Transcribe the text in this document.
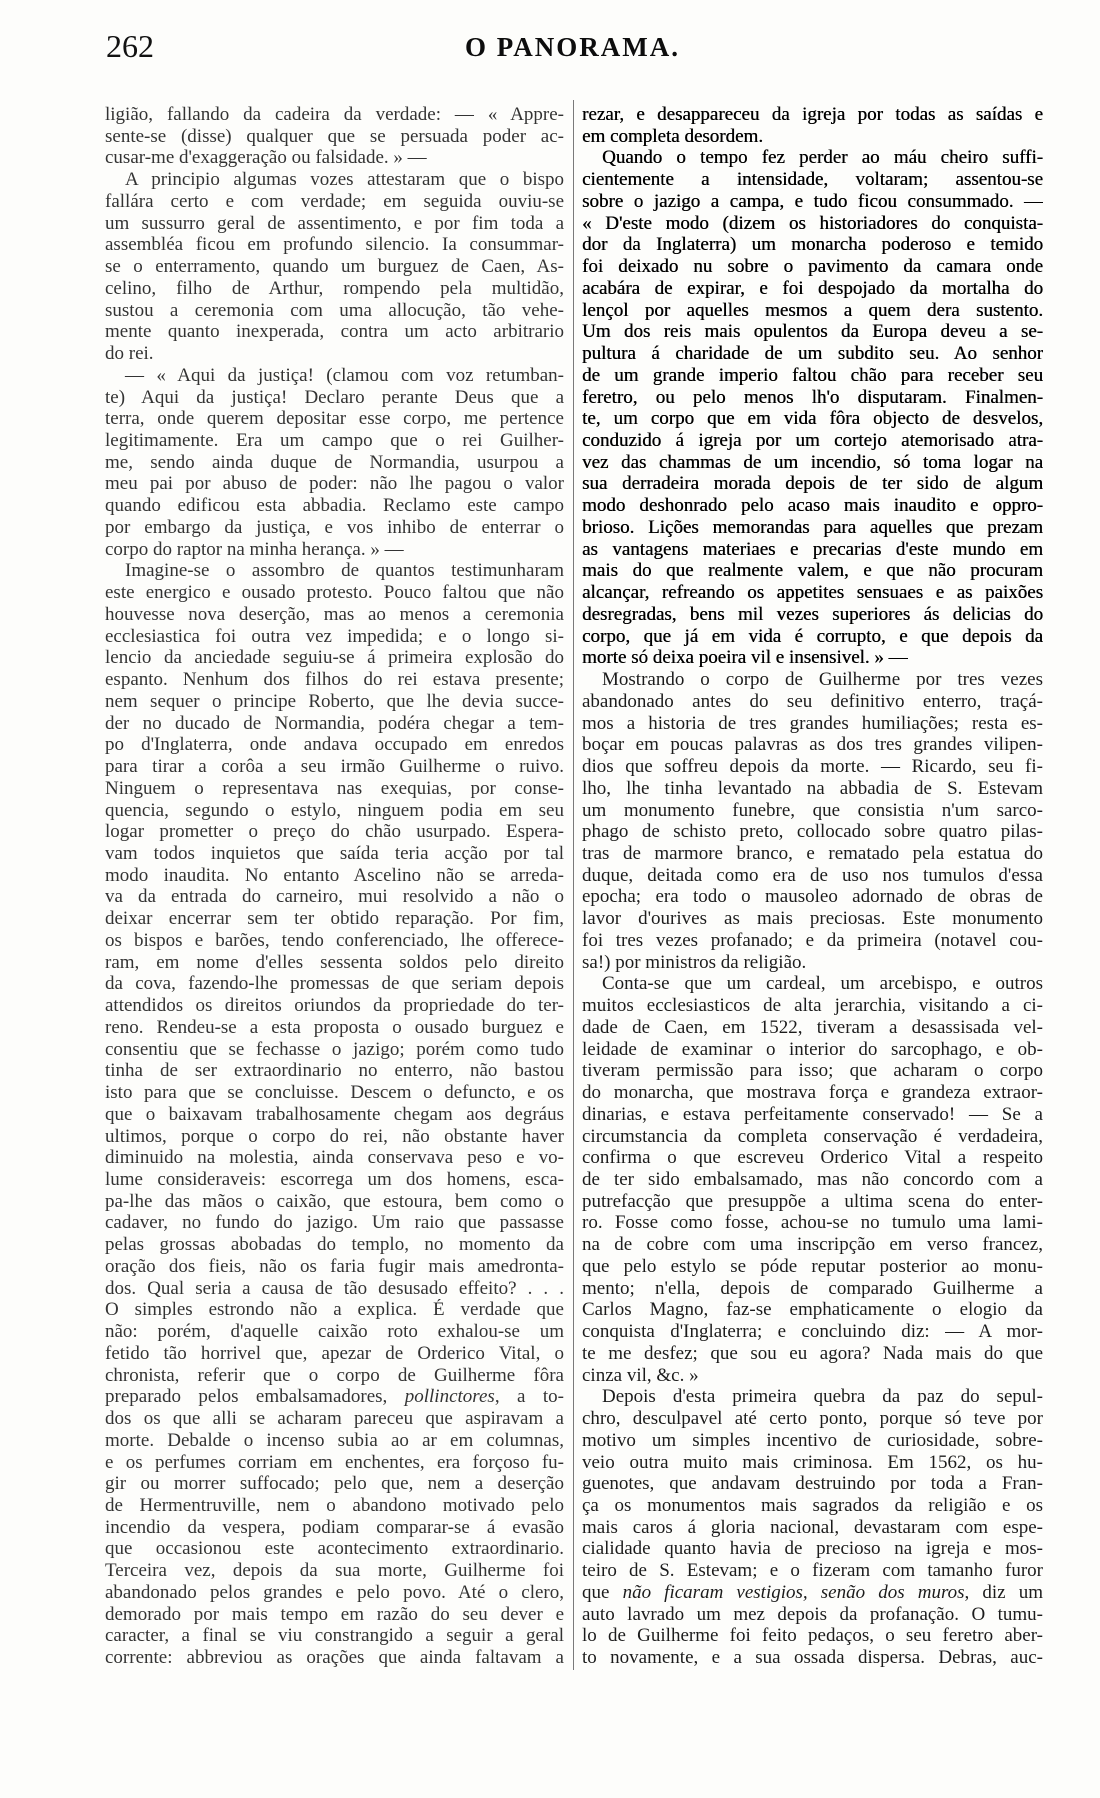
262	O PANORAMA.
ligião, fallando da cadeira da verdade: — « Appre-
sente-se (disse) qualquer que se persuada poder ac-
cusar-me d'exaggeração ou falsidade. » —
A principio algumas vozes attestaram que o bispo
fallára certo e com verdade; em seguida ouviu-se
um sussurro geral de assentimento, e por fim toda a
assembléa ficou em profundo silencio. Ia consummar-
se o enterramento, quando um burguez de Caen, As-
celino, filho de Arthur, rompendo pela multidão,
sustou a ceremonia com uma allocução, tão vehe-
mente quanto inexperada, contra um acto arbitrario
do rei.
— « Aqui da justiça! (clamou com voz retumban-
te) Aqui da justiça! Declaro perante Deus que a
terra, onde querem depositar esse corpo, me pertence
legitimamente. Era um campo que o rei Guilher-
me, sendo ainda duque de Normandia, usurpou a
meu pai por abuso de poder: não lhe pagou o valor
quando edificou esta abbadia. Reclamo este campo
por embargo da justiça, e vos inhibo de enterrar o
corpo do raptor na minha herança. » —
Imagine-se o assombro de quantos testimunharam
este energico e ousado protesto. Pouco faltou que não
houvesse nova deserção, mas ao menos a ceremonia
ecclesiastica foi outra vez impedida; e o longo si-
lencio da anciedade seguiu-se á primeira explosão do
espanto. Nenhum dos filhos do rei estava presente;
nem sequer o principe Roberto, que lhe devia succe-
der no ducado de Normandia, podéra chegar a tem-
po d'Inglaterra, onde andava occupado em enredos
para tirar a corôa a seu irmão Guilherme o ruivo.
Ninguem o representava nas exequias, por conse-
quencia, segundo o estylo, ninguem podia em seu
logar prometter o preço do chão usurpado. Espera-
vam todos inquietos que saída teria acção por tal
modo inaudita. No entanto Ascelino não se arreda-
va da entrada do carneiro, mui resolvido a não o
deixar encerrar sem ter obtido reparação. Por fim,
os bispos e barões, tendo conferenciado, lhe offerece-
ram, em nome d'elles sessenta soldos pelo direito
da cova, fazendo-lhe promessas de que seriam depois
attendidos os direitos oriundos da propriedade do ter-
reno. Rendeu-se a esta proposta o ousado burguez e
consentiu que se fechasse o jazigo; porém como tudo
tinha de ser extraordinario no enterro, não bastou
isto para que se concluisse. Descem o defuncto, e os
que o baixavam trabalhosamente chegam aos degráus
ultimos, porque o corpo do rei, não obstante haver
diminuido na molestia, ainda conservava peso e vo-
lume consideraveis: escorrega um dos homens, esca-
pa-lhe das mãos o caixão, que estoura, bem como o
cadaver, no fundo do jazigo. Um raio que passasse
pelas grossas abobadas do templo, no momento da
oração dos fieis, não os faria fugir mais amedronta-
dos. Qual seria a causa de tão desusado effeito? . . .
O simples estrondo não a explica. É verdade que
não: porém, d'aquelle caixão roto exhalou-se um
fetido tão horrivel que, apezar de Orderico Vital, o
chronista, referir que o corpo de Guilherme fôra
preparado pelos embalsamadores, pollinctores, a to-
dos os que alli se acharam pareceu que aspiravam a
morte. Debalde o incenso subia ao ar em columnas,
e os perfumes corriam em enchentes, era forçoso fu-
gir ou morrer suffocado; pelo que, nem a deserção
de Hermentruville, nem o abandono motivado pelo
incendio da vespera, podiam comparar-se á evasão
que occasionou este acontecimento extraordinario.
Terceira vez, depois da sua morte, Guilherme foi
abandonado pelos grandes e pelo povo. Até o clero,
demorado por mais tempo em razão do seu dever e
caracter, a final se viu constrangido a seguir a geral
corrente: abbreviou as orações que ainda faltavam a
rezar, e desappareceu da igreja por todas as saídas e
em completa desordem.
Quando o tempo fez perder ao máu cheiro suffi-
cientemente a intensidade, voltaram; assentou-se
sobre o jazigo a campa, e tudo ficou consummado. —
« D'este modo (dizem os historiadores do conquista-
dor da Inglaterra) um monarcha poderoso e temido
foi deixado nu sobre o pavimento da camara onde
acabára de expirar, e foi despojado da mortalha do
lençol por aquelles mesmos a quem dera sustento.
Um dos reis mais opulentos da Europa deveu a se-
pultura á charidade de um subdito seu. Ao senhor
de um grande imperio faltou chão para receber seu
feretro, ou pelo menos lh'o disputaram. Finalmen-
te, um corpo que em vida fôra objecto de desvelos,
conduzido á igreja por um cortejo atemorisado atra-
vez das chammas de um incendio, só toma logar na
sua derradeira morada depois de ter sido de algum
modo deshonrado pelo acaso mais inaudito e oppro-
brioso. Lições memorandas para aquelles que prezam
as vantagens materiaes e precarias d'este mundo em
mais do que realmente valem, e que não procuram
alcançar, refreando os appetites sensuaes e as paixões
desregradas, bens mil vezes superiores ás delicias do
corpo, que já em vida é corrupto, e que depois da
morte só deixa poeira vil e insensivel. » —
Mostrando o corpo de Guilherme por tres vezes
abandonado antes do seu definitivo enterro, traçá-
mos a historia de tres grandes humiliações; resta es-
boçar em poucas palavras as dos tres grandes vilipen-
dios que soffreu depois da morte. — Ricardo, seu fi-
lho, lhe tinha levantado na abbadia de S. Estevam
um monumento funebre, que consistia n'um sarco-
phago de schisto preto, collocado sobre quatro pilas-
tras de marmore branco, e rematado pela estatua do
duque, deitada como era de uso nos tumulos d'essa
epocha; era todo o mausoleo adornado de obras de
lavor d'ourives as mais preciosas. Este monumento
foi tres vezes profanado; e da primeira (notavel cou-
sa!) por ministros da religião.
Conta-se que um cardeal, um arcebispo, e outros
muitos ecclesiasticos de alta jerarchia, visitando a ci-
dade de Caen, em 1522, tiveram a desassisada vel-
leidade de examinar o interior do sarcophago, e ob-
tiveram permissão para isso; que acharam o corpo
do monarcha, que mostrava força e grandeza extraor-
dinarias, e estava perfeitamente conservado! — Se a
circumstancia da completa conservação é verdadeira,
confirma o que escreveu Orderico Vital a respeito
de ter sido embalsamado, mas não concordo com a
putrefacção que presuppõe a ultima scena do enter-
ro. Fosse como fosse, achou-se no tumulo uma lami-
na de cobre com uma inscripção em verso francez,
que pelo estylo se póde reputar posterior ao monu-
mento; n'ella, depois de comparado Guilherme a
Carlos Magno, faz-se emphaticamente o elogio da
conquista d'Inglaterra; e concluindo diz: — A mor-
te me desfez; que sou eu agora? Nada mais do que
cinza vil, &c. »
Depois d'esta primeira quebra da paz do sepul-
chro, desculpavel até certo ponto, porque só teve por
motivo um simples incentivo de curiosidade, sobre-
veio outra muito mais criminosa. Em 1562, os hu-
guenotes, que andavam destruindo por toda a Fran-
ça os monumentos mais sagrados da religião e os
mais caros á gloria nacional, devastaram com espe-
cialidade quanto havia de precioso na igreja e mos-
teiro de S. Estevam; e o fizeram com tamanho furor
que não ficaram vestigios, senão dos muros, diz um
auto lavrado um mez depois da profanação. O tumu-
lo de Guilherme foi feito pedaços, o seu feretro aber-
to novamente, e a sua ossada dispersa. Debras, auc-
